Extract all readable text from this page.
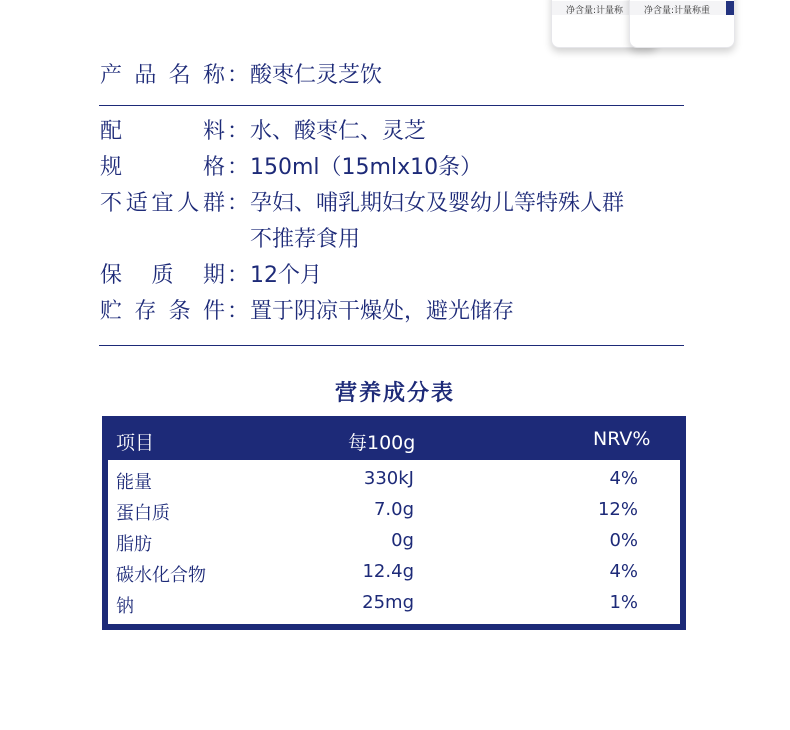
净含量:计量称 净含量:计量称重
产 品 名 称 ： 酸枣仁灵芝饮
配	料 ： 水、酸枣仁、灵芝
规	格 ： 150ml（15mlx10条）
不 适 宜 人 群 ： 孕妇、哺乳期妇女及婴幼儿等特殊人群
不推荐食用
保 质 期 ： 12个月
贮 存 条 件 ： 置于阴凉干燥处，避光储存
营养成分表
项目	每100g	NRV%
能量	330kJ	4%
蛋白质	7.0g	12%
脂肪	0g	0%
碳水化合物	12.4g	4%
钠	25mg	1%
